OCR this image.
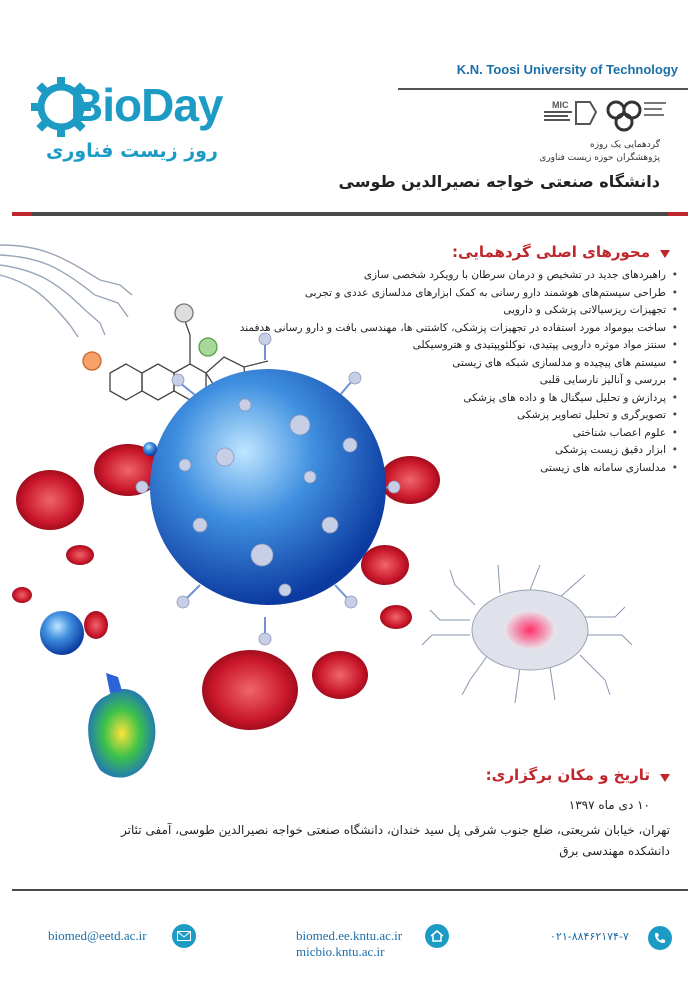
K.N. Toosi University of Technology
BioDay
روز زیست فناوری
MIC
گردهمایی یک روزه
پژوهشگران حوزه زیست فناوری
دانشگاه صنعتی خواجه نصیرالدین طوسی
محورهای اصلی گردهمایی:
• راهبردهای جدید در تشخیص و درمان سرطان با رویکرد شخصی سازی
• طراحی سیستم‌های هوشمند دارو رسانی به کمک ابزارهای مدلسازی عددی و تجربی
• تجهیزات ریزسیالاتی پزشکی و دارویی
• ساخت بیومواد مورد استفاده در تجهیزات پزشکی، کاشتنی ها، مهندسی بافت و دارو رسانی هدفمند
• سنتز مواد موثره دارویی پپتیدی، نوکلئوپپتیدی و هتروسیکلی
• سیستم های پیچیده و مدلسازی شبکه های زیستی
• بررسی و آنالیز نارسایی قلبی
• پردازش و تحلیل سیگنال ها و داده های پزشکی
• تصویرگری و تحلیل تصاویر پزشکی
• علوم اعصاب شناختی
• ابزار دقیق زیست پزشکی
• مدلسازی سامانه های زیستی
تاریخ و مکان برگزاری:
۱۰ دی ماه ۱۳۹۷
تهران، خیابان شریعتی، ضلع جنوب شرقی پل سید خندان، دانشگاه صنعتی خواجه نصیرالدین طوسی، آمفی تئاتر دانشکده مهندسی برق
biomed@eetd.ac.ir	biomed.ee.kntu.ac.ir
micbio.kntu.ac.ir
۰۲۱-۸۸۴۶۲۱۷۴-۷
